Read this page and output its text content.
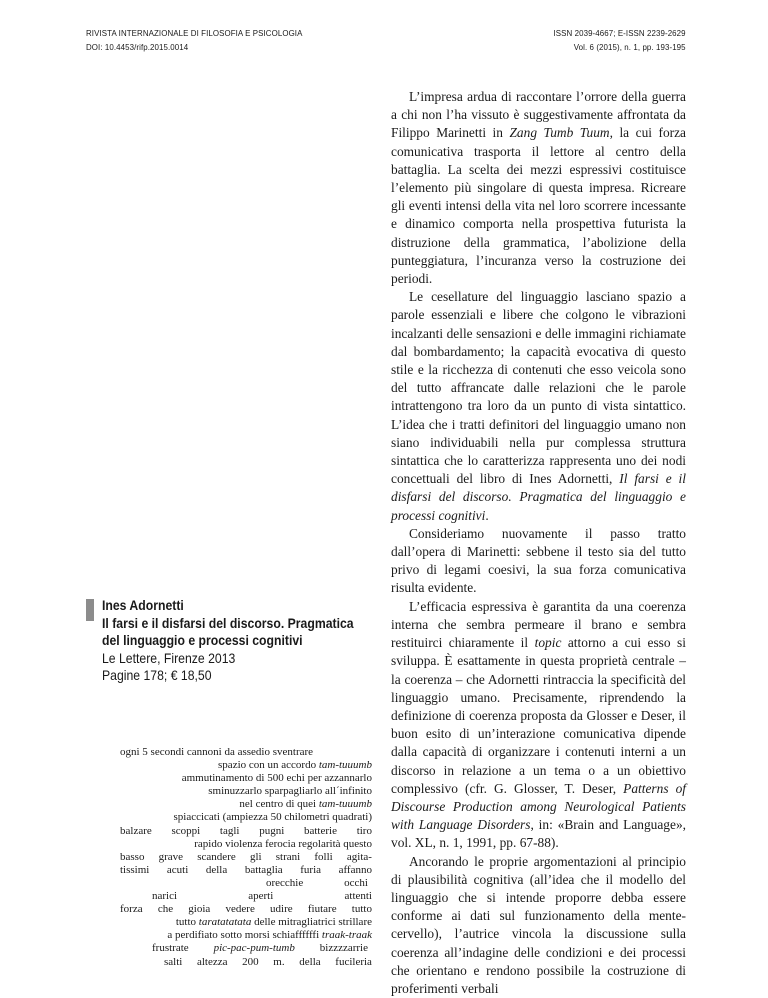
RIVISTA INTERNAZIONALE DI FILOSOFIA E PSICOLOGIA
DOI: 10.4453/rifp.2015.0014
ISSN 2039-4667; E-ISSN 2239-2629
Vol. 6 (2015), n. 1, pp. 193-195
Ines Adornetti
Il farsi e il disfarsi del discorso. Pragmatica
del linguaggio e processi cognitivi
Le Lettere, Firenze 2013
Pagine 178; € 18,50
ogni 5 secondi cannoni da assedio sventrare
spazio con un accordo tam-tuuumb
ammutinamento di 500 echi per azzannarlo
sminuzzarlo sparpagliarlo all´infinito
nel centro di quei tam-tuuumb
spiaccicati (ampiezza 50 chilometri quadrati)
balzare scoppi tagli pugni batterie tiro
rapido violenza ferocia regolarità questo
basso grave scandere gli strani folli agita-
tissimi acuti della battaglia furia affanno
orecchie	occhi
narici	aperti	attenti
forza che gioia vedere udire fiutare tutto
tutto taratatatata delle mitragliatrici strillare
a perdifiato sotto morsi schiaffffffi traak-traak
frustrate pic-pac-pum-tumb bizzzzarrie
salti altezza 200 m. della fucileria

L’impresa ardua di raccontare l’orrore della guerra a chi non l’ha vissuto è suggestivamente affrontata da Filippo Marinetti in Zang Tumb Tuum, la cui forza comunicativa trasporta il lettore al centro della battaglia. La scelta dei mezzi espressivi costituisce l’elemento più singolare di questa impresa. Ricreare gli eventi intensi della vita nel loro scorrere incessante e dinamico comporta nella prospettiva futurista la distruzione della grammatica, l’abolizione della punteggiatura, l’incuranza verso la costruzione dei periodi.

Le cesellature del linguaggio lasciano spazio a parole essenziali e libere che colgono le vibrazioni incalzanti delle sensazioni e delle immagini richiamate dal bombardamento; la capacità evocativa di questo stile e la ricchezza di contenuti che esso veicola sono del tutto affrancate dalle relazioni che le parole intrattengono tra loro da un punto di vista sintattico. L’idea che i tratti definitori del linguaggio umano non siano individuabili nella pur complessa struttura sintattica che lo caratterizza rappresenta uno dei nodi concettuali del libro di Ines Adornetti, Il farsi e il disfarsi del discorso. Pragmatica del linguaggio e processi cognitivi.

Consideriamo nuovamente il passo tratto dall’opera di Marinetti: sebbene il testo sia del tutto privo di legami coesivi, la sua forza comunicativa risulta evidente.

L’efficacia espressiva è garantita da una coerenza interna che sembra permeare il brano e sembra restituirci chiaramente il topic attorno a cui esso si sviluppa. È esattamente in questa proprietà centrale – la coerenza – che Adornetti rintraccia la specificità del linguaggio umano. Precisamente, riprendendo la definizione di coerenza proposta da Glosser e Deser, il buon esito di un’interazione comunicativa dipende dalla capacità di organizzare i contenuti interni a un discorso in relazione a un tema o a un obiettivo complessivo (cfr. G. Glosser, T. Deser, Patterns of Discourse Production among Neurological Patients with Language Disorders, in: «Brain and Language», vol. XL, n. 1, 1991, pp. 67-88).

Ancorando le proprie argomentazioni al principio di plausibilità cognitiva (all’idea che il modello del linguaggio che si intende proporre debba essere conforme ai dati sul funzionamento della mente-cervello), l’autrice vincola la discussione sulla coerenza all’indagine delle condizioni e dei processi che orientano e rendono possibile la costruzione di proferimenti verbali
